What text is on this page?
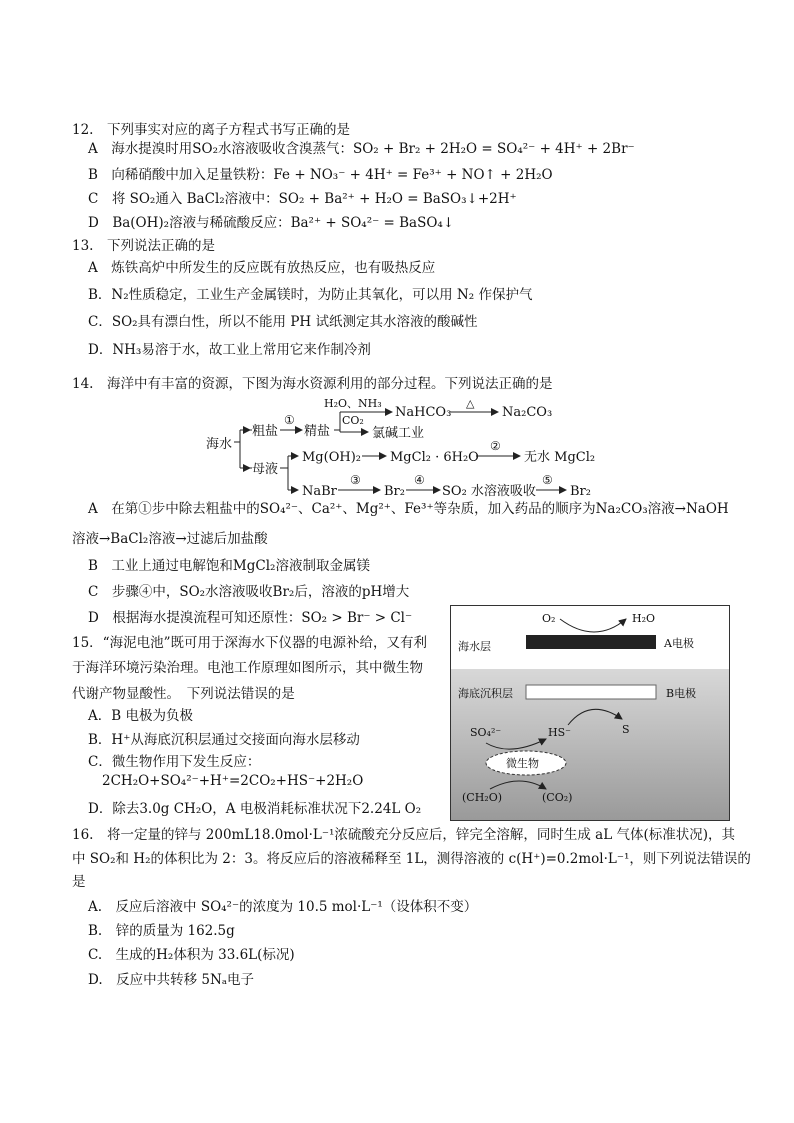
12.　下列事实对应的离子方程式书写正确的是
A　海水提溴时用SO₂水溶液吸收含溴蒸气：SO₂ + Br₂ + 2H₂O = SO₄²⁻ + 4H⁺ + 2Br⁻
B　向稀硝酸中加入足量铁粉：Fe + NO₃⁻ + 4H⁺ = Fe³⁺ + NO↑ + 2H₂O
C　将 SO₂通入 BaCl₂溶液中：SO₂ + Ba²⁺ + H₂O = BaSO₃↓+2H⁺
D　Ba(OH)₂溶液与稀硫酸反应：Ba²⁺ + SO₄²⁻ = BaSO₄↓
13.　下列说法正确的是
A　炼铁高炉中所发生的反应既有放热反应，也有吸热反应
B．N₂性质稳定，工业生产金属镁时，为防止其氧化，可以用 N₂ 作保护气
C．SO₂具有漂白性，所以不能用 PH 试纸测定其水溶液的酸碱性
D．NH₃易溶于水，故工业上常用它来作制冷剂
14.　海洋中有丰富的资源，下图为海水资源利用的部分过程。下列说法正确的是
海水
粗盐
①
精盐
H₂O、NH₃
CO₂
NaHCO₃
△
Na₂CO₃
氯碱工业
母液
Mg(OH)₂ MgCl₂ · 6H₂O
②
无水 MgCl₂
NaBr
③
Br₂
④
SO₂ 水溶液吸收
⑤
Br₂
A　在第①步中除去粗盐中的SO₄²⁻、Ca²⁺、Mg²⁺、Fe³⁺等杂质，加入药品的顺序为Na₂CO₃溶液→NaOH
溶液→BaCl₂溶液→过滤后加盐酸
B　工业上通过电解饱和MgCl₂溶液制取金属镁
C　步骤④中，SO₂水溶液吸收Br₂后，溶液的pH增大
D　根据海水提溴流程可知还原性：SO₂ > Br⁻ > Cl⁻
15．“海泥电池”既可用于深海水下仪器的电源补给，又有利
于海洋环境污染治理。电池工作原理如图所示，其中微生物
代谢产物显酸性。　下列说法错误的是
A．B 电极为负极
B．H⁺从海底沉积层通过交接面向海水层移动
C．微生物作用下发生反应：
2CH₂O+SO₄²⁻+H⁺=2CO₂+HS⁻+2H₂O
D．除去3.0g CH₂O，A 电极消耗标准状况下2.24L O₂
O₂	H₂O
海水层	A电极
海底沉积层	B电极
SO₄²⁻	HS⁻	S
微生物
(CH₂O)	(CO₂)
16.　将一定量的锌与 200mL18.0mol·L⁻¹浓硫酸充分反应后，锌完全溶解，同时生成 aL 气体(标准状况)，其
中 SO₂和 H₂的体积比为 2：3。将反应后的溶液稀释至 1L，测得溶液的 c(H⁺)=0.2mol·L⁻¹，则下列说法错误的
是
A.　反应后溶液中 SO₄²⁻的浓度为 10.5 mol·L⁻¹（设体积不变）
B.　锌的质量为 162.5g
C.　生成的H₂体积为 33.6L(标况)
D.　反应中共转移 5Nₐ电子
